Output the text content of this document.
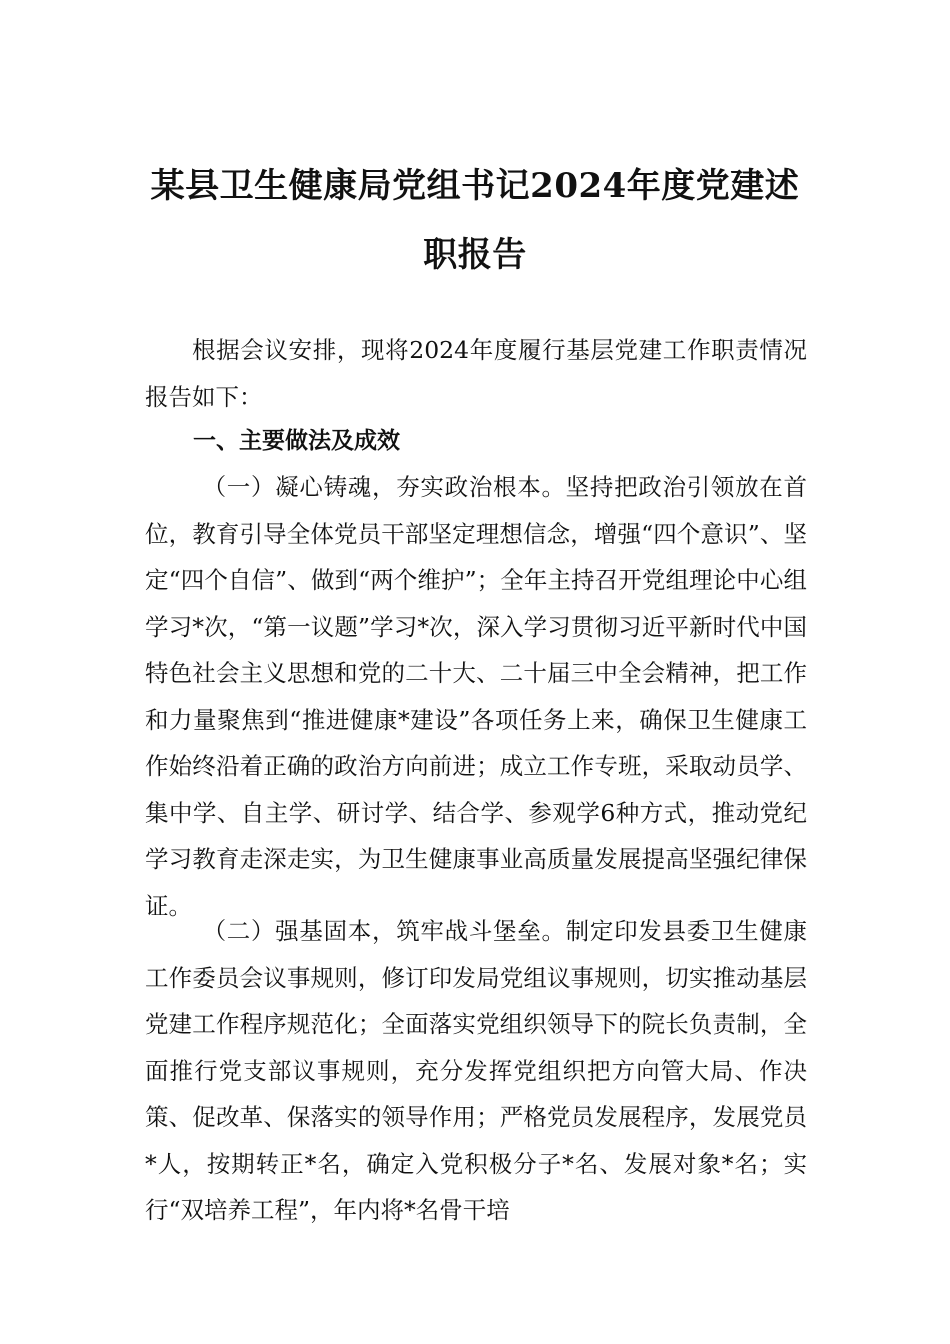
某县卫生健康局党组书记2024年度党建述
职报告

根据会议安排，现将2024年度履行基层党建工作职责情况报告如下：

一、主要做法及成效

（一）凝心铸魂，夯实政治根本。坚持把政治引领放在首位，教育引导全体党员干部坚定理想信念，增强“四个意识”、坚定“四个自信”、做到“两个维护”；全年主持召开党组理论中心组学习*次，“第一议题”学习*次，深入学习贯彻习近平新时代中国特色社会主义思想和党的二十大、二十届三中全会精神，把工作和力量聚焦到“推进健康*建设”各项任务上来，确保卫生健康工作始终沿着正确的政治方向前进；成立工作专班，采取动员学、集中学、自主学、研讨学、结合学、参观学6种方式，推动党纪学习教育走深走实，为卫生健康事业高质量发展提高坚强纪律保证。

（二）强基固本，筑牢战斗堡垒。制定印发县委卫生健康工作委员会议事规则，修订印发局党组议事规则，切实推动基层党建工作程序规范化；全面落实党组织领导下的院长负责制，全面推行党支部议事规则，充分发挥党组织把方向管大局、作决策、促改革、保落实的领导作用；严格党员发展程序，发展党员*人，按期转正*名，确定入党积极分子*名、发展对象*名；实行“双培养工程”，年内将*名骨干培
